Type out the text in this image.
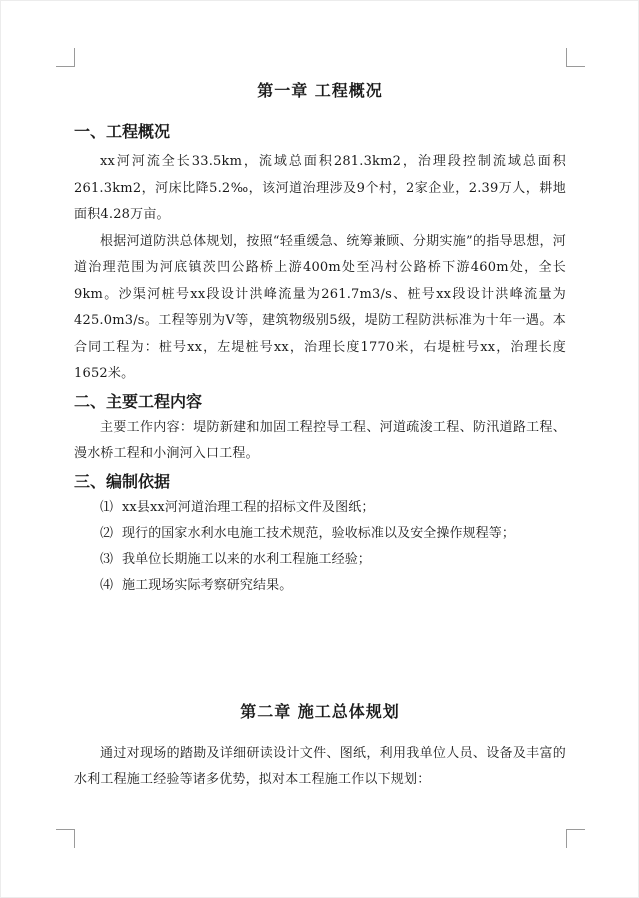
第一章 工程概况
一、工程概况

xx河河流全长33.5km，流域总面积281.3km2，治理段控制流域总面积261.3km2，河床比降5.2‰，该河道治理涉及9个村，2家企业，2.39万人，耕地面积4.28万亩。

根据河道防洪总体规划，按照“轻重缓急、统筹兼顾、分期实施”的指导思想，河道治理范围为河底镇茨凹公路桥上游400m处至冯村公路桥下游460m处，全长9km。沙渠河桩号xx段设计洪峰流量为261.7m3/s、桩号xx段设计洪峰流量为425.0m3/s。工程等别为Ⅴ等，建筑物级别5级，堤防工程防洪标准为十年一遇。本合同工程为：桩号xx，左堤桩号xx，治理长度1770米，右堤桩号xx，治理长度1652米。

二、主要工程内容

主要工作内容：堤防新建和加固工程控导工程、河道疏浚工程、防汛道路工程、漫水桥工程和小涧河入口工程。

三、编制依据
⑴ xx县xx河河道治理工程的招标文件及图纸；
⑵ 现行的国家水利水电施工技术规范，验收标准以及安全操作规程等；
⑶ 我单位长期施工以来的水利工程施工经验；
⑷ 施工现场实际考察研究结果。
第二章 施工总体规划

通过对现场的踏勘及详细研读设计文件、图纸，利用我单位人员、设备及丰富的水利工程施工经验等诸多优势，拟对本工程施工作以下规划：
